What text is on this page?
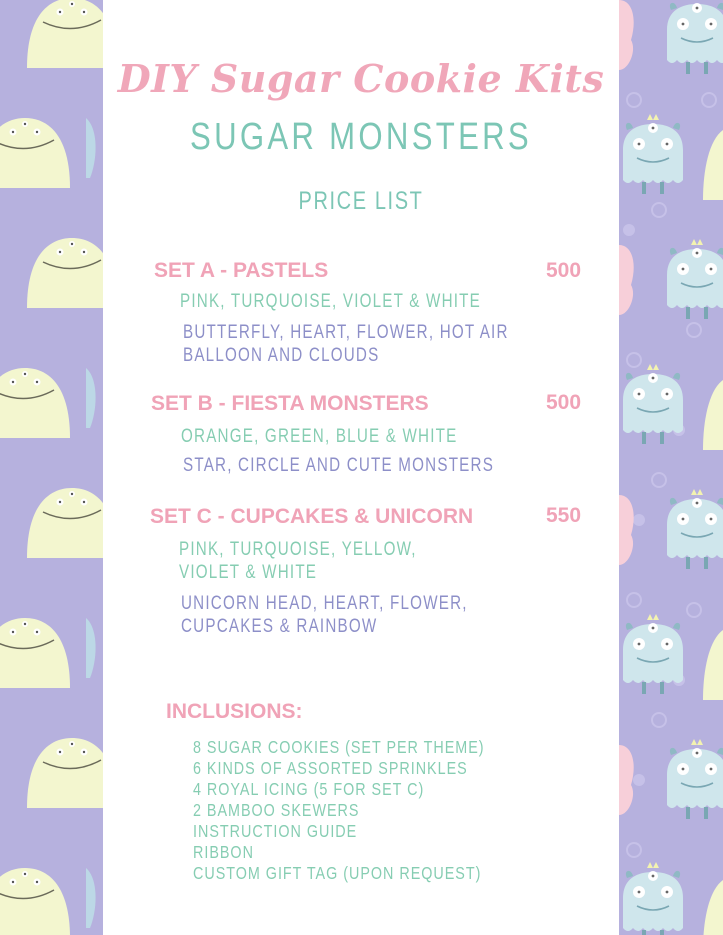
DIY Sugar Cookie Kits
SUGAR MONSTERS
PRICE LIST
SET A - PASTELS	500
PINK, TURQUOISE, VIOLET & WHITE
BUTTERFLY, HEART, FLOWER, HOT AIR
BALLOON AND CLOUDS
SET B - FIESTA MONSTERS	500
ORANGE, GREEN, BLUE & WHITE
STAR, CIRCLE AND CUTE MONSTERS
SET C - CUPCAKES & UNICORN	550
PINK, TURQUOISE, YELLOW,
VIOLET & WHITE
UNICORN HEAD, HEART, FLOWER,
CUPCAKES & RAINBOW
INCLUSIONS:
8 SUGAR COOKIES (SET PER THEME)
6 KINDS OF ASSORTED SPRINKLES
4 ROYAL ICING (5 FOR SET C)
2 BAMBOO SKEWERS
INSTRUCTION GUIDE
RIBBON
CUSTOM GIFT TAG (UPON REQUEST)
